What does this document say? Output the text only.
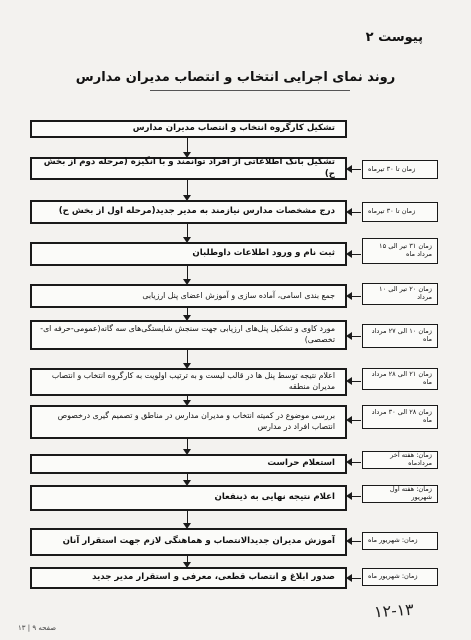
پیوست ۲
روند نمای اجرایی انتخاب و انتصاب مدیران مدارس
تشکیل کارگروه انتخاب و انتصاب مدیران مدارس
تشکیل بانک اطلاعاتی از افراد توانمند و با انگیزه (مرحله دوم از بخش ح)	زمان تا ۳۰ تیرماه
درج مشخصات مدارس نیازمند به مدیر جدید(مرحله اول از بخش ح)	زمان تا ۳۰ تیرماه
ثبت نام و ورود اطلاعات داوطلبان
زمان ۳۱ تیر الی ۱۵ مرداد ماه
جمع بندی اسامی، آماده سازی و آموزش اعضای پنل ارزیابی
زمان ۲۰ تیر الی ۱۰ مرداد
مورد کاوی و تشکیل پنل‌های ارزیابی جهت سنجش شایستگی‌های سه گانه(عمومی-حرفه ای- تخصصی)
زمان ۱۰ الی ۲۷ مرداد ماه
اعلام نتیجه توسط پنل ها در قالب لیست و به ترتیب اولویت به کارگروه انتخاب و انتصاب مدیران منطقه
زمان ۲۱ الی ۲۸ مرداد ماه
بررسی موضوع در کمیته انتخاب و مدیران مدارس در مناطق و تصمیم گیری درخصوص انتصاب افراد در مدارس
زمان ۲۸ الی ۳۰ مرداد ماه
استعلام حراست
زمان: هفته آخر مردادماه
اعلام نتیجه نهایی به ذینفعان
زمان: هفته اول شهریور
آموزش مدیران جدیدالانتصاب و هماهنگی لازم جهت استقرار آنان	زمان: شهریور ماه
صدور ابلاغ و انتصاب قطعی، معرفی و استقرار مدیر جدید	زمان: شهریور ماه
صفحه ۹ | ۱۳
۱۲-۱۳
